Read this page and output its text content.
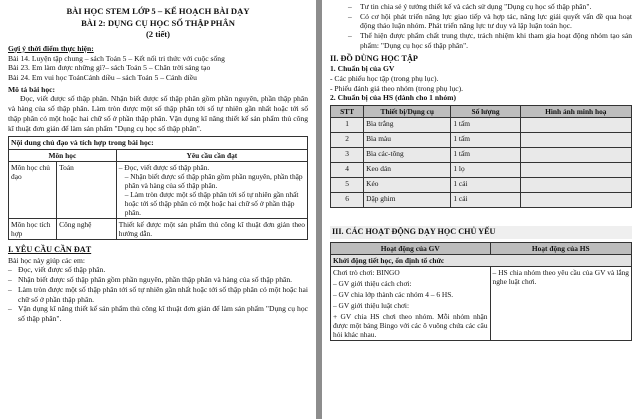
BÀI HỌC STEM LỚP 5 – KẾ HOẠCH BÀI DẠY
BÀI 2: DỤNG CỤ HỌC SỐ THẬP PHÂN
(2 tiết)
Gợi ý thời điểm thực hiện:
Bài 14. Luyện tập chung – sách Toán 5 – Kết nối tri thức với cuộc sống
Bài 23. Em làm được những gì?– sách Toán 5 – Chân trời sáng tạo
Bài 24. Em vui học ToánCánh diều – sách Toán 5 – Cánh diều
Mô tả bài học:
Đọc, viết được số thập phân. Nhận biết được số thập phân gồm phần nguyên, phần thập phân và hàng của số thập phân. Làm tròn được một số thập phân tới số tự nhiên gần nhất hoặc tới số thập phân có một hoặc hai chữ số ở phần thập phân. Vận dụng kĩ năng thiết kế sản phẩm thủ công kĩ thuật đơn giản để làm sản phẩm "Dụng cụ học số thập phân".
Nội dung chủ đạo và tích hợp trong bài học:
Môn học		Yêu cầu cần đạt
Môn học chủ đạo	Toán	– Đọc, viết được số thập phân.
– Nhận biết được số thập phân gồm phần nguyên, phần thập phân và hàng của số thập phân.
– Làm tròn được một số thập phân tới số tự nhiên gần nhất hoặc tới số thập phân có một hoặc hai chữ số ở phần thập phân.

Môn học tích hợp	Công nghệ	Thiết kế được một sản phẩm thủ công kĩ thuật đơn giản theo hướng dẫn.
I. YÊU CẦU CẦN ĐẠT
Bài học này giúp các em:
– Đọc, viết được số thập phân.
– Nhận biết được số thập phân gồm phần nguyên, phần thập phân và hàng của số thập phân.
– Làm tròn được một số thập phân tới số tự nhiên gần nhất hoặc tới số thập phân có một hoặc hai chữ số ở phần thập phân.
– Vận dụng kĩ năng thiết kế sản phẩm thủ công kĩ thuật đơn giản để làm sản phẩm "Dụng cụ học số thập phân".
–	Tư tin chia sẻ ý tưởng thiết kế và cách sử dụng "Dụng cụ học số thập phân".
–	Có cơ hội phát triển năng lực giao tiếp và hợp tác, năng lực giải quyết vấn đề qua hoạt động thảo luận nhóm. Phát triển năng lực tư duy và lập luận toán học.
–	Thể hiện được phẩm chất trung thực, trách nhiệm khi tham gia hoạt động nhóm tạo sản phẩm: "Dụng cụ học số thập phân".
II. ĐỒ DÙNG HỌC TẬP
1. Chuẩn bị của GV
- Các phiếu học tập (trong phụ lục).
- Phiếu đánh giá theo nhóm (trong phụ lục).
2. Chuẩn bị của HS (dành cho 1 nhóm)
STT	Thiết bị/Dụng cụ	Số lượng	Hình ảnh minh hoạ
1	Bìa trắng	1 tấm	
2	Bìa màu	1 tấm	
3	Bìa các-tông	1 tấm	
4	Keo dán	1 lọ	
5	Kéo	1 cái	
6	Dập ghim	1 cái	
III. CÁC HOẠT ĐỘNG DẠY HỌC CHỦ YẾU
Hoạt động của GV	Hoạt động của HS
Khởi động tiết học, ổn định tổ chức	

Chơi trò chơi: BINGO
– GV giới thiệu cách chơi:
– GV chia lớp thành các nhóm 4 – 6 HS.
– GV giới thiệu luật chơi:
+ GV chia HS chơi theo nhóm. Mỗi nhóm nhận được một bảng Bingo với các ô vuông chứa các câu hỏi khác nhau.	– HS chia nhóm theo yêu cầu của GV và lắng nghe luật chơi.
